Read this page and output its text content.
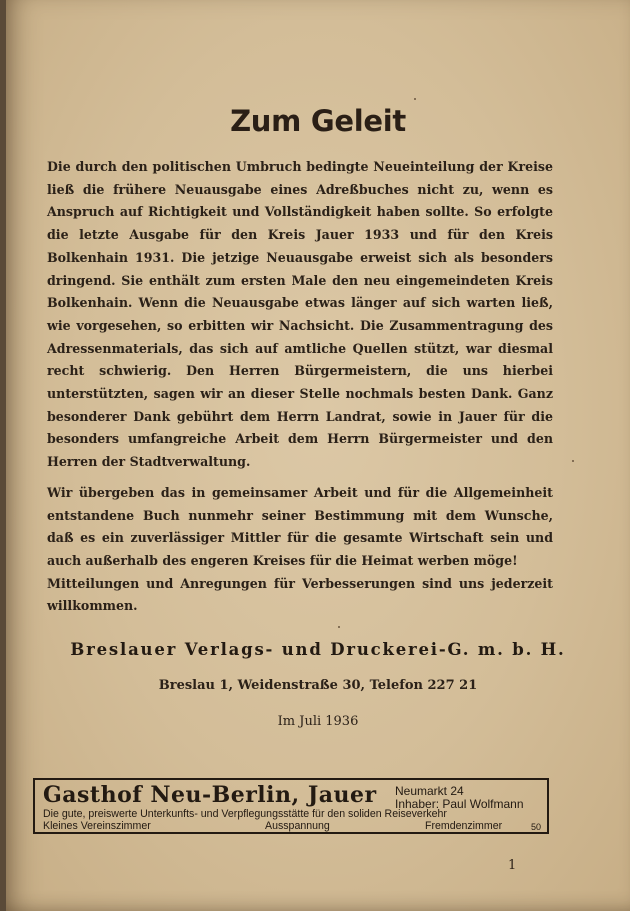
Zum Geleit

Die durch den politischen Umbruch bedingte Neueinteilung der Kreise ließ die frühere Neuausgabe eines Adreßbuches nicht zu, wenn es Anspruch auf Richtigkeit und Vollständigkeit haben sollte. So erfolgte die letzte Ausgabe für den Kreis Jauer 1933 und für den Kreis Bolkenhain 1931. Die jetzige Neuausgabe erweist sich als besonders dringend. Sie enthält zum ersten Male den neu eingemeindeten Kreis Bolkenhain. Wenn die Neuausgabe etwas länger auf sich warten ließ, wie vorgesehen, so erbitten wir Nachsicht. Die Zusammentragung des Adressenmaterials, das sich auf amtliche Quellen stützt, war diesmal recht schwierig. Den Herren Bürgermeistern, die uns hierbei unterstützten, sagen wir an dieser Stelle nochmals besten Dank. Ganz besonderer Dank gebührt dem Herrn Landrat, sowie in Jauer für die besonders umfangreiche Arbeit dem Herrn Bürgermeister und den Herren der Stadtverwaltung.

Wir übergeben das in gemeinsamer Arbeit und für die Allgemeinheit entstandene Buch nunmehr seiner Bestimmung mit dem Wunsche, daß es ein zuverlässiger Mittler für die gesamte Wirtschaft sein und auch außerhalb des engeren Kreises für die Heimat werben möge!

Mitteilungen und Anregungen für Verbesserungen sind uns jederzeit willkommen.

Breslauer Verlags- und Druckerei-G. m. b. H.
Breslau 1, Weidenstraße 30, Telefon 227 21
Im Juli 1936
Gasthof Neu-Berlin, Jauer Neumarkt 24
Inhaber: Paul Wolfmann
Die gute, preiswerte Unterkunfts- und Verpflegungsstätte für den soliden Reiseverkehr
Kleines Vereinszimmer	Ausspannung	Fremdenzimmer	50
1
